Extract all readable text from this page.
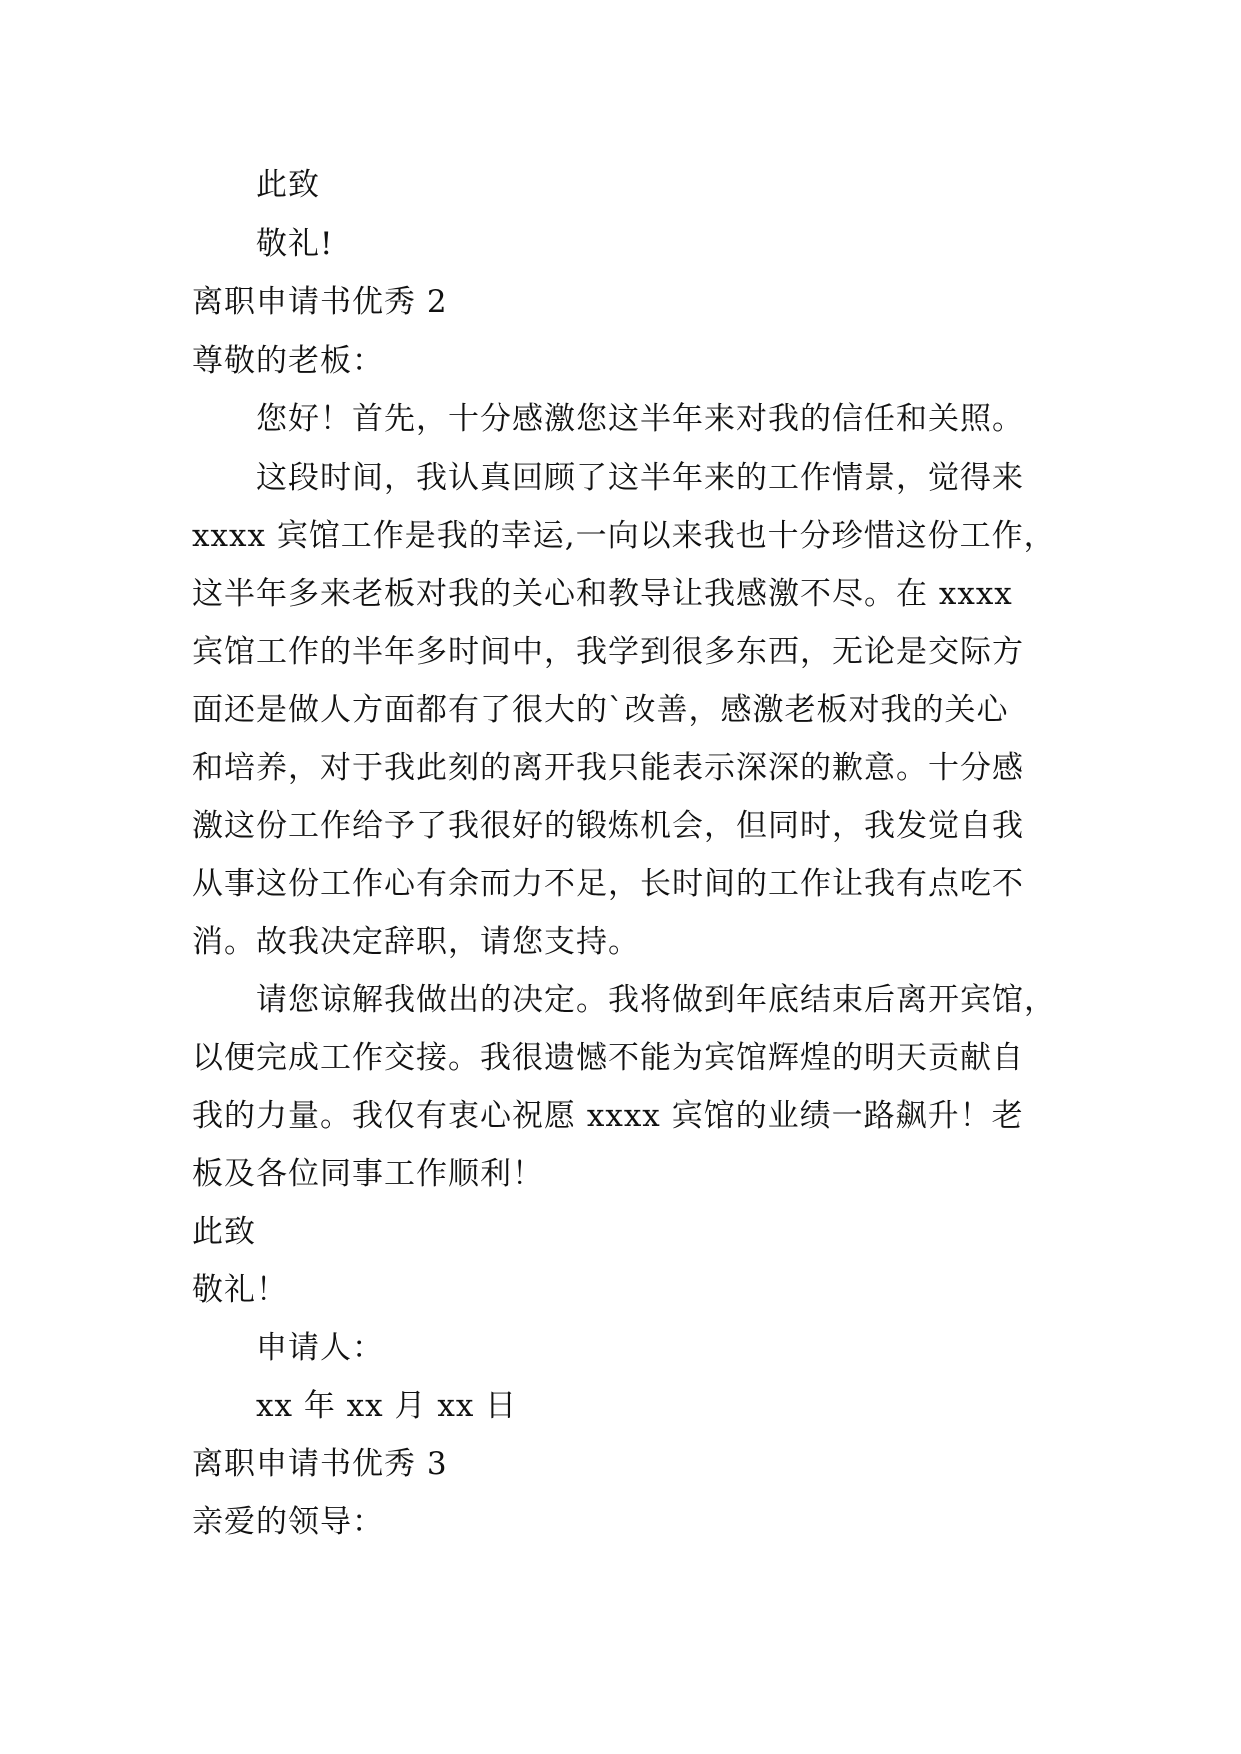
此致
敬礼!
离职申请书优秀 2
尊敬的老板：
您好！首先，十分感激您这半年来对我的信任和关照。
这段时间，我认真回顾了这半年来的工作情景，觉得来
xxxx 宾馆工作是我的幸运,一向以来我也十分珍惜这份工作，
这半年多来老板对我的关心和教导让我感激不尽。在 xxxx
宾馆工作的半年多时间中，我学到很多东西，无论是交际方
面还是做人方面都有了很大的`改善，感激老板对我的关心
和培养，对于我此刻的离开我只能表示深深的歉意。十分感
激这份工作给予了我很好的锻炼机会，但同时，我发觉自我
从事这份工作心有余而力不足，长时间的工作让我有点吃不
消。故我决定辞职，请您支持。
请您谅解我做出的决定。我将做到年底结束后离开宾馆，
以便完成工作交接。我很遗憾不能为宾馆辉煌的明天贡献自
我的力量。我仅有衷心祝愿 xxxx 宾馆的业绩一路飙升！老
板及各位同事工作顺利！
此致
敬礼！
申请人：
xx 年 xx 月 xx 日
离职申请书优秀 3
亲爱的领导：
